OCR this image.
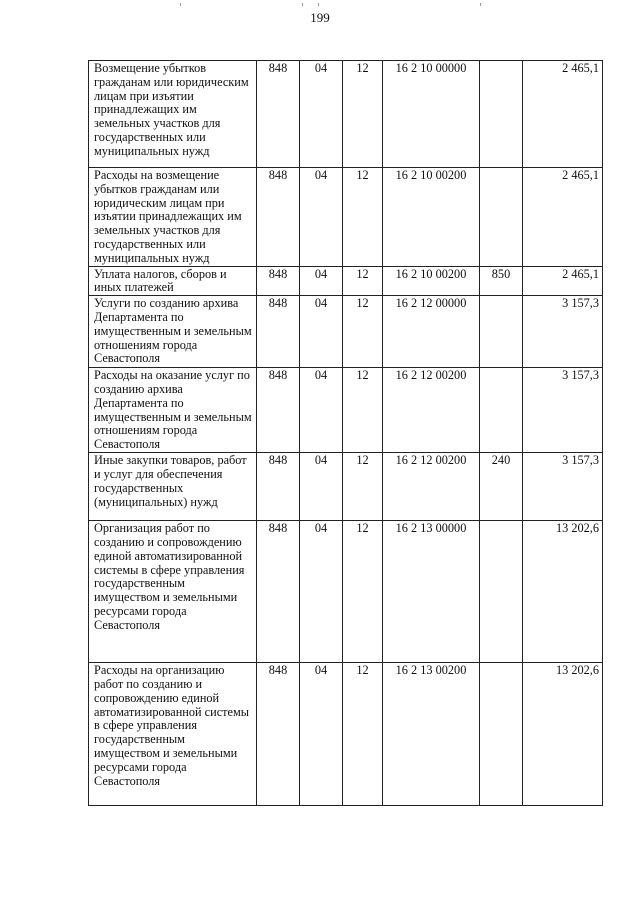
199
Возмещение убытков гражданам или юридическим лицам при изъятии принадлежащих им земельных участков для государственных или муниципальных нужд	848	04	12	16 2 10 00000		2 465,1
Расходы на возмещение убытков гражданам или юридическим лицам при изъятии принадлежащих им земельных участков для государственных или муниципальных нужд	848	04	12	16 2 10 00200		2 465,1
Уплата налогов, сборов и иных платежей	848	04	12	16 2 10 00200	850	2 465,1
Услуги по созданию архива Департамента по имущественным и земельным отношениям города Севастополя	848	04	12	16 2 12 00000		3 157,3
Расходы на оказание услуг по созданию архива Департамента по имущественным и земельным отношениям города Севастополя	848	04	12	16 2 12 00200		3 157,3
Иные закупки товаров, работ и услуг для обеспечения государственных (муниципальных) нужд	848	04	12	16 2 12 00200	240	3 157,3
Организация работ по созданию и сопровождению единой автоматизированной системы в сфере управления государственным имуществом и земельными ресурсами города Севастополя	848	04	12	16 2 13 00000		13 202,6
Расходы на организацию работ по созданию и сопровождению единой автоматизированной системы в сфере управления государственным имуществом и земельными ресурсами города Севастополя	848	04	12	16 2 13 00200		13 202,6
